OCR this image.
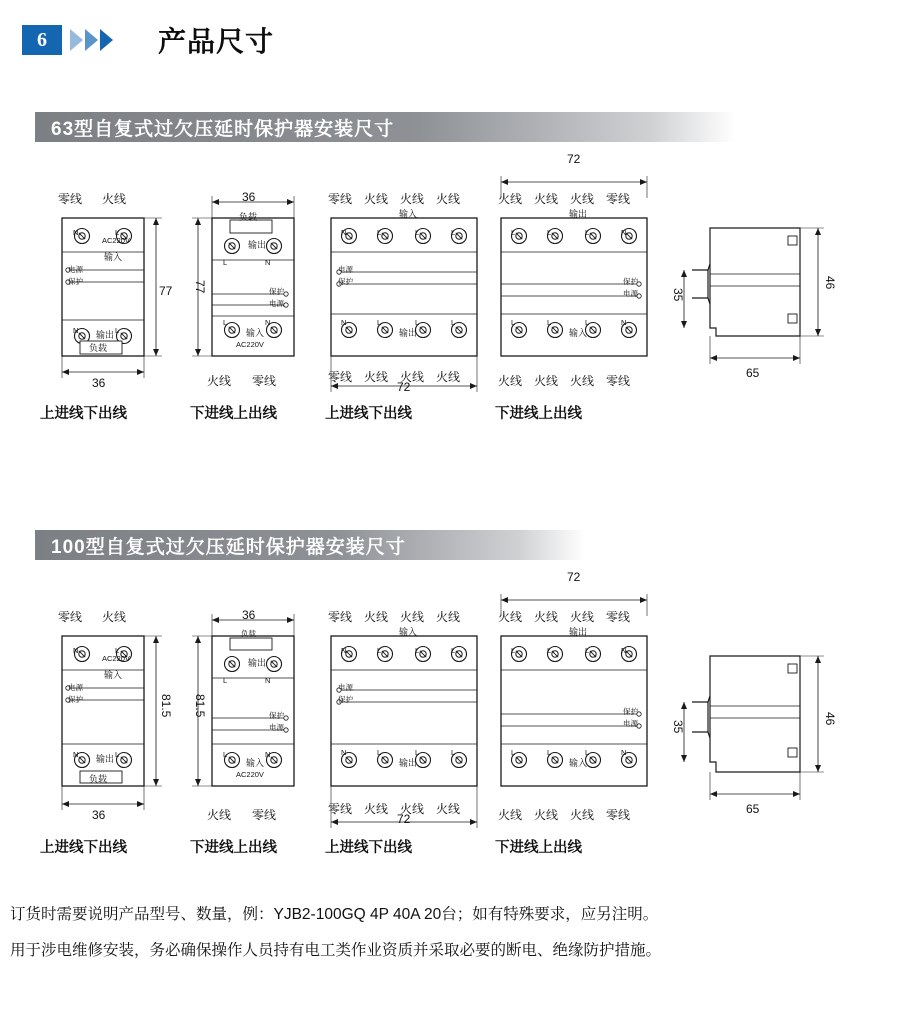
6	产品尺寸
63型自复式过欠压延时保护器安装尺寸
零线 火线
AC220V
输入
电源
保护
输出
负载
N	L
N	L
77
36
上进线下出线
36
负载
输出
L	N
保护
电源
L	N
输入
AC220V
77
火线 零线
下进线上出线
零线 火线 火线 火线
N	L	L	L
输入
电源
保护
输出
N	L	L	L
零线 火线 火线 火线
72
上进线下出线
72
火线 火线 火线 零线
L	L	L	N
输出
保护
电源
输入
L	L	L	N
火线 火线 火线 零线
下进线上出线
35
46
65
100型自复式过欠压延时保护器安装尺寸
零线 火线
AC220V
输入
电源
保护
输出
负载
N	L
N	L
81.5
36
上进线下出线
36
负载
输出
L	N
保护
电源
L	N
输入
AC220V
81.5
火线 零线
下进线上出线
零线 火线 火线 火线
N	L	L	L
输入
电源
保护
输出
N	L	L	L
零线 火线 火线 火线
72
上进线下出线
72
火线 火线 火线 零线
L	L	L	N
输出
保护
电源
输入
L	L	L	N
火线 火线 火线 零线
下进线上出线
35
46
65
订货时需要说明产品型号、数量，例：YJB2-100GQ 4P 40A 20台；如有特殊要求，应另注明。
用于涉电维修安装，务必确保操作人员持有电工类作业资质并采取必要的断电、绝缘防护措施。
